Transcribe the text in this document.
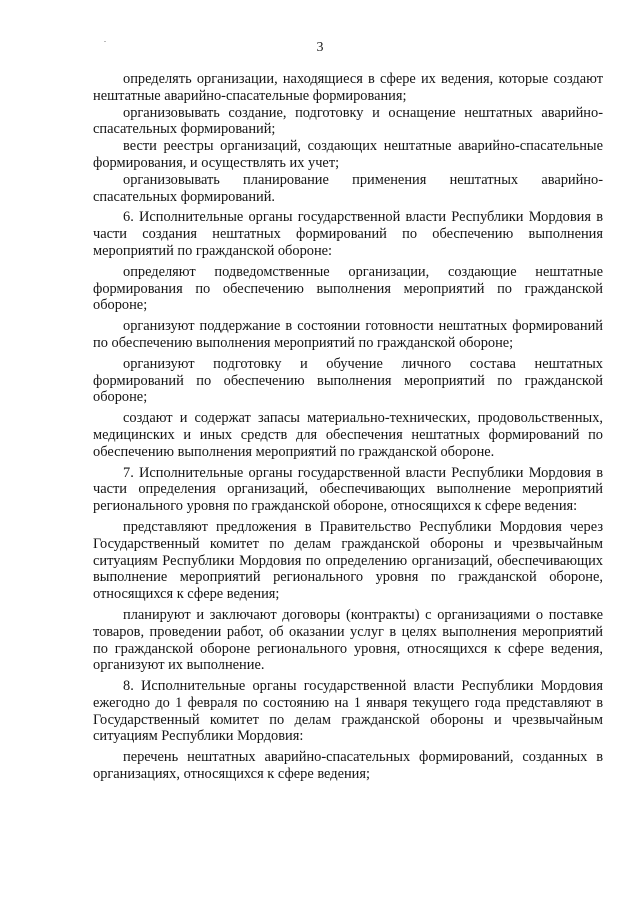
3

определять организации, находящиеся в сфере их ведения, которые создают нештатные аварийно-спасательные формирования;

организовывать создание, подготовку и оснащение нештатных аварийно-спасательных формирований;

вести реестры организаций, создающих нештатные аварийно-спасательные формирования, и осуществлять их учет;

организовывать планирование применения нештатных аварийно-спасательных формирований.

6. Исполнительные органы государственной власти Республики Мордовия в части создания нештатных формирований по обеспечению выполнения мероприятий по гражданской обороне:

определяют подведомственные организации, создающие нештатные формирования по обеспечению выполнения мероприятий по гражданской обороне;

организуют поддержание в состоянии готовности нештатных формирований по обеспечению выполнения мероприятий по гражданской обороне;

организуют подготовку и обучение личного состава нештатных формирований по обеспечению выполнения мероприятий по гражданской обороне;

создают и содержат запасы материально-технических, продовольственных, медицинских и иных средств для обеспечения нештатных формирований по обеспечению выполнения мероприятий по гражданской обороне.

7. Исполнительные органы государственной власти Республики Мордовия в части определения организаций, обеспечивающих выполнение мероприятий регионального уровня по гражданской обороне, относящихся к сфере ведения:

представляют предложения в Правительство Республики Мордовия через Государственный комитет по делам гражданской обороны и чрезвычайным ситуациям Республики Мордовия по определению организаций, обеспечивающих выполнение мероприятий регионального уровня по гражданской обороне, относящихся к сфере ведения;

планируют и заключают договоры (контракты) с организациями о поставке товаров, проведении работ, об оказании услуг в целях выполнения мероприятий по гражданской обороне регионального уровня, относящихся к сфере ведения, организуют их выполнение.

8. Исполнительные органы государственной власти Республики Мордовия ежегодно до 1 февраля по состоянию на 1 января текущего года представляют в Государственный комитет по делам гражданской обороны и чрезвычайным ситуациям Республики Мордовия:

перечень нештатных аварийно-спасательных формирований, созданных в организациях, относящихся к сфере ведения;
